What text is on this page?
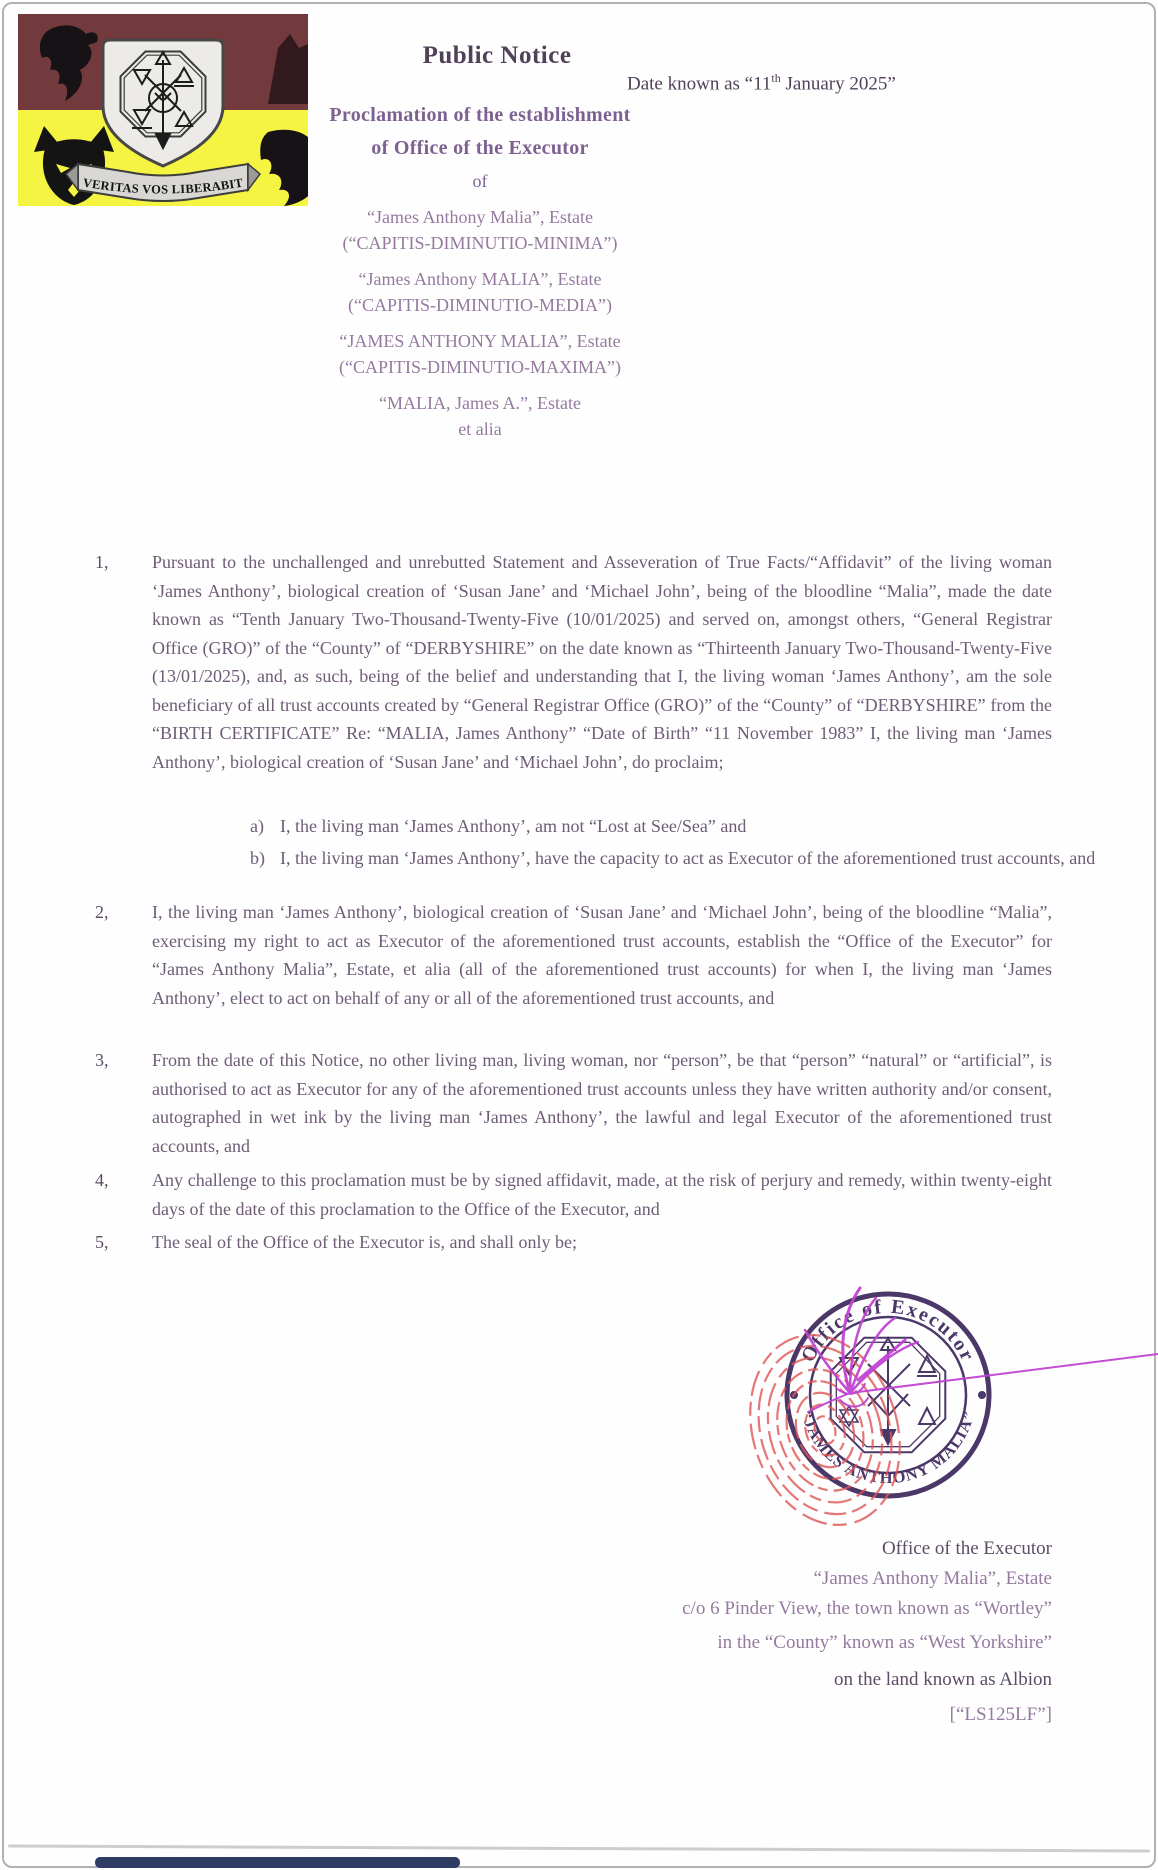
VERITAS VOS LIBERABIT
Public Notice
Date known as “11th January 2025”
Proclamation of the establishment
of Office of the Executor
of
“James Anthony Malia”, Estate
(“CAPITIS-DIMINUTIO-MINIMA”)
“James Anthony MALIA”, Estate
(“CAPITIS-DIMINUTIO-MEDIA”)
“JAMES ANTHONY MALIA”, Estate
(“CAPITIS-DIMINUTIO-MAXIMA”)
“MALIA, James A.”, Estate
et alia
1,	Pursuant to the unchallenged and unrebutted Statement and Asseveration of True Facts/“Affidavit” of the living woman ‘James Anthony’, biological creation of ‘Susan Jane’ and ‘Michael John’, being of the bloodline “Malia”, made the date known as “Tenth January Two-Thousand-Twenty-Five (10/01/2025) and served on, amongst others, “General Registrar Office (GRO)” of the “County” of “DERBYSHIRE” on the date known as “Thirteenth January Two-Thousand-Twenty-Five (13/01/2025), and, as such, being of the belief and understanding that I, the living woman ‘James Anthony’, am the sole beneficiary of all trust accounts created by “General Registrar Office (GRO)” of the “County” of “DERBYSHIRE” from the “BIRTH CERTIFICATE” Re: “MALIA, James Anthony” “Date of Birth” “11 November 1983” I, the living man ‘James Anthony’, biological creation of ‘Susan Jane’ and ‘Michael John’, do proclaim;
a) I, the living man ‘James Anthony’, am not “Lost at See/Sea” and
b) I, the living man ‘James Anthony’, have the capacity to act as Executor of the aforementioned trust accounts, and
2,	I, the living man ‘James Anthony’, biological creation of ‘Susan Jane’ and ‘Michael John’, being of the bloodline “Malia”, exercising my right to act as Executor of the aforementioned trust accounts, establish the “Office of the Executor” for “James Anthony Malia”, Estate, et alia (all of the aforementioned trust accounts) for when I, the living man ‘James Anthony’, elect to act on behalf of any or all of the aforementioned trust accounts, and
3,	From the date of this Notice, no other living man, living woman, nor “person”, be that “person” “natural” or “artificial”, is authorised to act as Executor for any of the aforementioned trust accounts unless they have written authority and/or consent, autographed in wet ink by the living man ‘James Anthony’, the lawful and legal Executor of the aforementioned trust accounts, and
4,	Any challenge to this proclamation must be by signed affidavit, made, at the risk of perjury and remedy, within twenty-eight days of the date of this proclamation to the Office of the Executor, and
5,	The seal of the Office of the Executor is, and shall only be;
Office of Executor
“JAMES ANTHONY MALIA”
Office of the Executor
“James Anthony Malia”, Estate
c/o 6 Pinder View, the town known as “Wortley”
in the “County” known as “West Yorkshire”
on the land known as Albion
[“LS125LF”]
